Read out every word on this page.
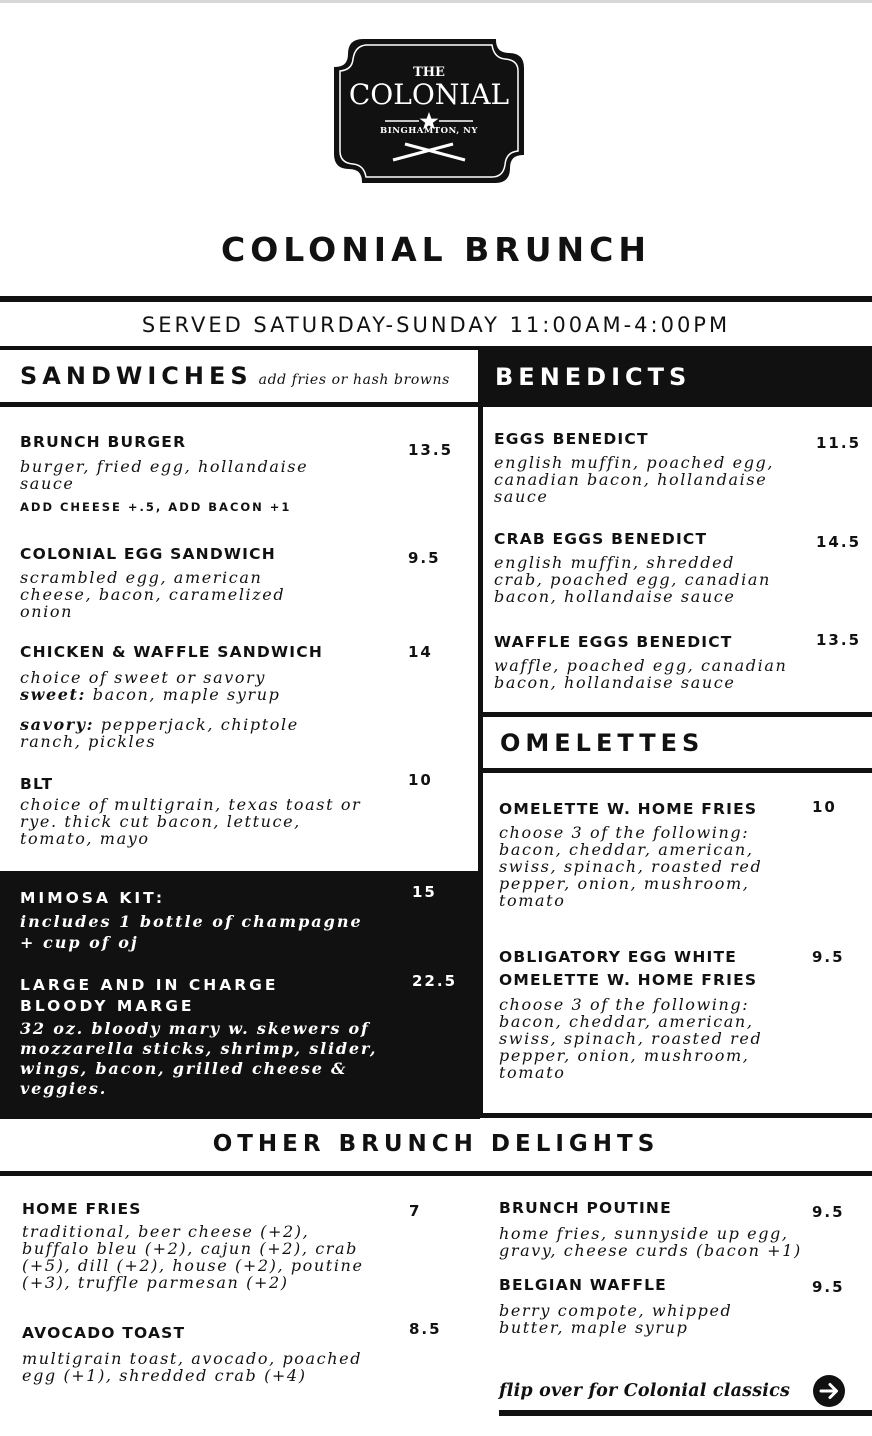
THE
COLONIAL
BINGHAMTON, NY
COLONIAL BRUNCH
SERVED SATURDAY-SUNDAY 11:00AM-4:00PM
SANDWICHES add fries or hash browns BENEDICTS
BRUNCH BURGER	13.5
burger, fried egg, hollandaise
sauce
ADD CHEESE +.5, ADD BACON +1
COLONIAL EGG SANDWICH	9.5
scrambled egg, american
cheese, bacon, caramelized
onion
CHICKEN & WAFFLE SANDWICH	14
choice of sweet or savory
sweet: bacon, maple syrup
savory: pepperjack, chiptole
ranch, pickles
BLT	10
choice of multigrain, texas toast or
rye. thick cut bacon, lettuce,
tomato, mayo
MIMOSA KIT:	15
includes 1 bottle of champagne
+ cup of oj
LARGE AND IN CHARGE
BLOODY MARGE
22.5
32 oz. bloody mary w. skewers of
mozzarella sticks, shrimp, slider,
wings, bacon, grilled cheese &
veggies.
EGGS BENEDICT	11.5
english muffin, poached egg,
canadian bacon, hollandaise
sauce
CRAB EGGS BENEDICT	14.5
english muffin, shredded
crab, poached egg, canadian
bacon, hollandaise sauce
WAFFLE EGGS BENEDICT	13.5
waffle, poached egg, canadian
bacon, hollandaise sauce
OMELETTES
OMELETTE W. HOME FRIES	10
choose 3 of the following:
bacon, cheddar, american,
swiss, spinach, roasted red
pepper, onion, mushroom,
tomato
OBLIGATORY EGG WHITE
OMELETTE W. HOME FRIES
9.5
choose 3 of the following:
bacon, cheddar, american,
swiss, spinach, roasted red
pepper, onion, mushroom,
tomato
OTHER BRUNCH DELIGHTS
HOME FRIES	7
traditional, beer cheese (+2),
buffalo bleu (+2), cajun (+2), crab
(+5), dill (+2), house (+2), poutine
(+3), truffle parmesan (+2)
AVOCADO TOAST	8.5
multigrain toast, avocado, poached
egg (+1), shredded crab (+4)
BRUNCH POUTINE	9.5
home fries, sunnyside up egg,
gravy, cheese curds (bacon +1)
BELGIAN WAFFLE	9.5
berry compote, whipped
butter, maple syrup
flip over for Colonial classics
